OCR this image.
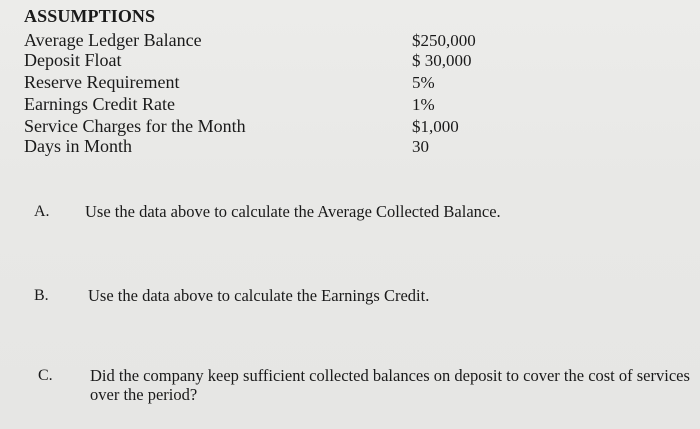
ASSUMPTIONS
Average Ledger Balance	$250,000
Deposit Float	$ 30,000
Reserve Requirement	5%
Earnings Credit Rate	1%
Service Charges for the Month	$1,000
Days in Month	30
A. Use the data above to calculate the Average Collected Balance.
B. Use the data above to calculate the Earnings Credit.
C. Did the company keep sufficient collected balances on deposit to cover the cost of services over the period?
